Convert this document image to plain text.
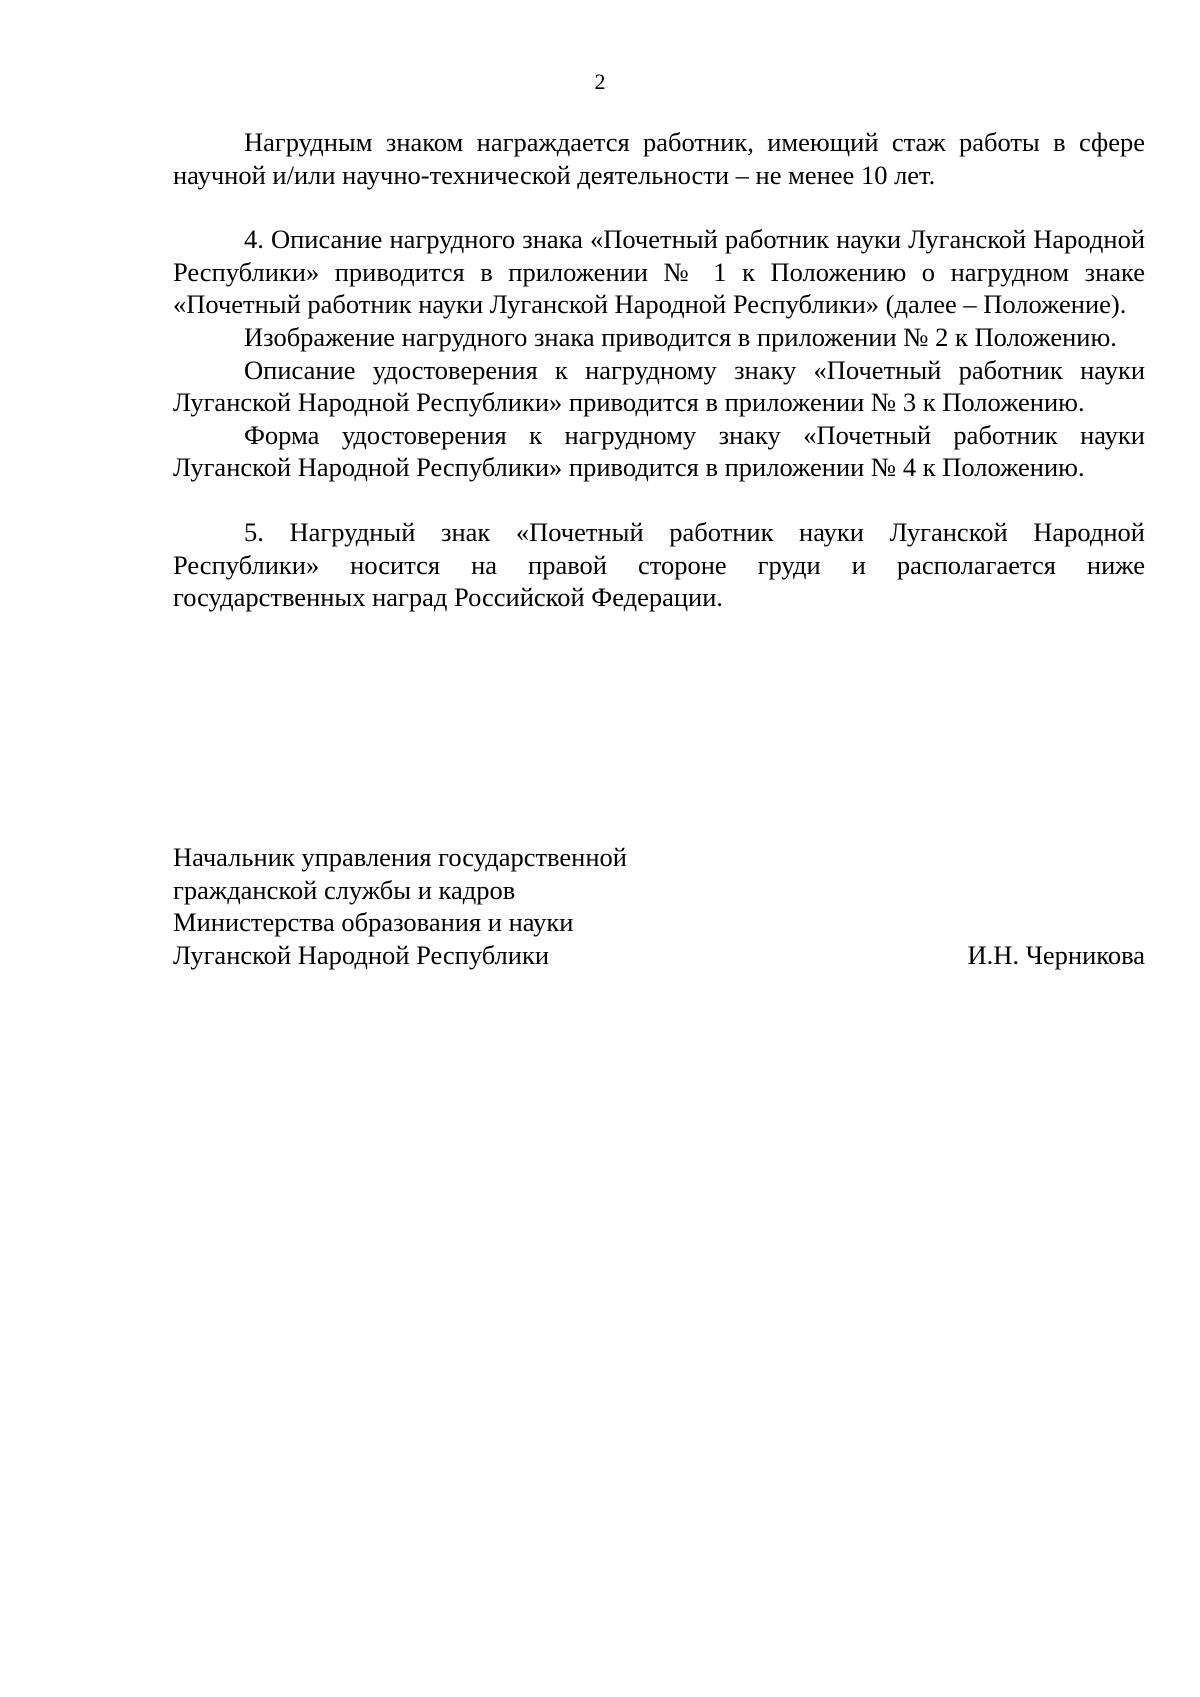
2

Нагрудным знаком награждается работник, имеющий стаж работы в сфере научной и/или научно-технической деятельности – не менее 10 лет.

4. Описание нагрудного знака «Почетный работник науки Луганской Народной Республики» приводится в приложении № 1 к Положению о нагрудном знаке «Почетный работник науки Луганской Народной Республики» (далее – Положение).

Изображение нагрудного знака приводится в приложении № 2 к Положению.

Описание удостоверения к нагрудному знаку «Почетный работник науки Луганской Народной Республики» приводится в приложении № 3 к Положению.

Форма удостоверения к нагрудному знаку «Почетный работник науки Луганской Народной Республики» приводится в приложении № 4 к Положению.

5. Нагрудный знак «Почетный работник науки Луганской Народной Республики» носится на правой стороне груди и располагается ниже государственных наград Российской Федерации.

Начальник управления государственной
гражданской службы и кадров
Министерства образования и науки
Луганской Народной Республики	И.Н. Черникова
